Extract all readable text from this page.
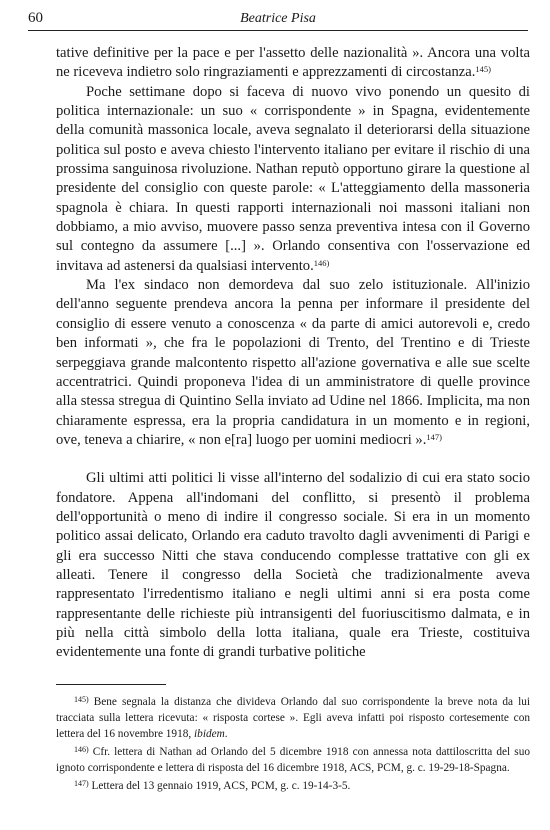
60	Beatrice Pisa

tative definitive per la pace e per l'assetto delle nazionalità ». Ancora una volta ne riceveva indietro solo ringraziamenti e apprezzamenti di circostanza.$^{145)}$

Poche settimane dopo si faceva di nuovo vivo ponendo un quesito di politica internazionale: un suo « corrispondente » in Spagna, evidentemente della comunità massonica locale, aveva segnalato il deteriorarsi della situazione politica sul posto e aveva chiesto l'intervento italiano per evitare il rischio di una prossima sanguinosa rivoluzione. Nathan reputò opportuno girare la questione al presidente del consiglio con queste parole: « L'atteggiamento della massoneria spagnola è chiara. In questi rapporti internazionali noi massoni italiani non dobbiamo, a mio avviso, muovere passo senza preventiva intesa con il Governo sul contegno da assumere [...] ». Orlando consentiva con l'osservazione ed invitava ad astenersi da qualsiasi intervento.$^{146)}$

Ma l'ex sindaco non demordeva dal suo zelo istituzionale. All'inizio dell'anno seguente prendeva ancora la penna per informare il presidente del consiglio di essere venuto a conoscenza « da parte di amici autorevoli e, credo ben informati », che fra le popolazioni di Trento, del Trentino e di Trieste serpeggiava grande malcontento rispetto all'azione governativa e alle sue scelte accentratrici. Quindi proponeva l'idea di un amministratore di quelle province alla stessa stregua di Quintino Sella inviato ad Udine nel 1866. Implicita, ma non chiaramente espressa, era la propria candidatura in un momento e in regioni, ove, teneva a chiarire, « non e[ra] luogo per uomini mediocri ».$^{147)}$

Gli ultimi atti politici li visse all'interno del sodalizio di cui era stato socio fondatore. Appena all'indomani del conflitto, si presentò il problema dell'opportunità o meno di indire il congresso sociale. Si era in un momento politico assai delicato, Orlando era caduto travolto dagli avvenimenti di Parigi e gli era successo Nitti che stava conducendo complesse trattative con gli ex alleati. Tenere il congresso della Società che tradizionalmente aveva rappresentato l'irredentismo italiano e negli ultimi anni si era posta come rappresentante delle richieste più intransigenti del fuoriuscitismo dalmata, e in più nella città simbolo della lotta italiana, quale era Trieste, costituiva evidentemente una fonte di grandi turbative politiche

$^{145)}$ Bene segnala la distanza che divideva Orlando dal suo corrispondente la breve nota da lui tracciata sulla lettera ricevuta: « risposta cortese ». Egli aveva infatti poi risposto cortesemente con lettera del 16 novembre 1918, ibidem.

$^{146)}$ Cfr. lettera di Nathan ad Orlando del 5 dicembre 1918 con annessa nota dattiloscritta del suo ignoto corrispondente e lettera di risposta del 16 dicembre 1918, ACS, PCM, g. c. 19-29-18-Spagna.

$^{147)}$ Lettera del 13 gennaio 1919, ACS, PCM, g. c. 19-14-3-5.
